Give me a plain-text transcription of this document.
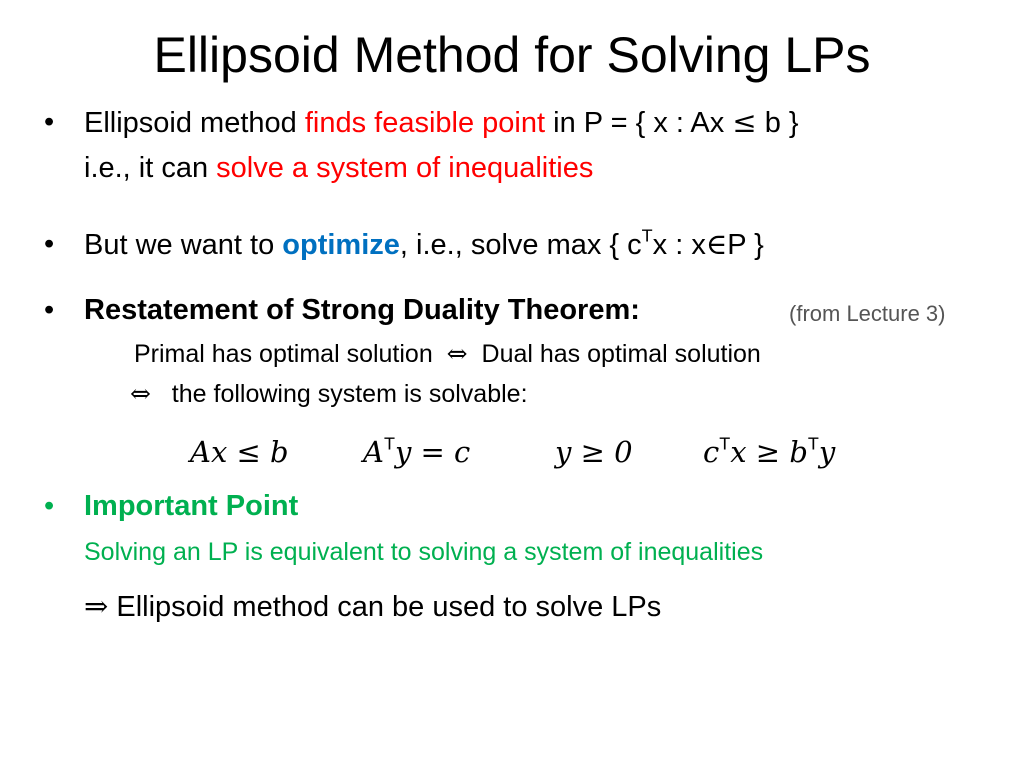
Ellipsoid Method for Solving LPs
• Ellipsoid method finds feasible point in P = { x : Ax ≤ b }
i.e., it can solve a system of inequalities
• But we want to optimize, i.e., solve max { $c^Tx$ : x∈P }
• Restatement of Strong Duality Theorem:	(from Lecture 3)
Primal has optimal solution ⇔ Dual has optimal solution
⇔ the following system is solvable:
Ax ≤ b	$A^Ty = c$	y ≥ 0 $c^Tx \ge b^Ty$
• Important Point
Solving an LP is equivalent to solving a system of inequalities
⇒ Ellipsoid method can be used to solve LPs
